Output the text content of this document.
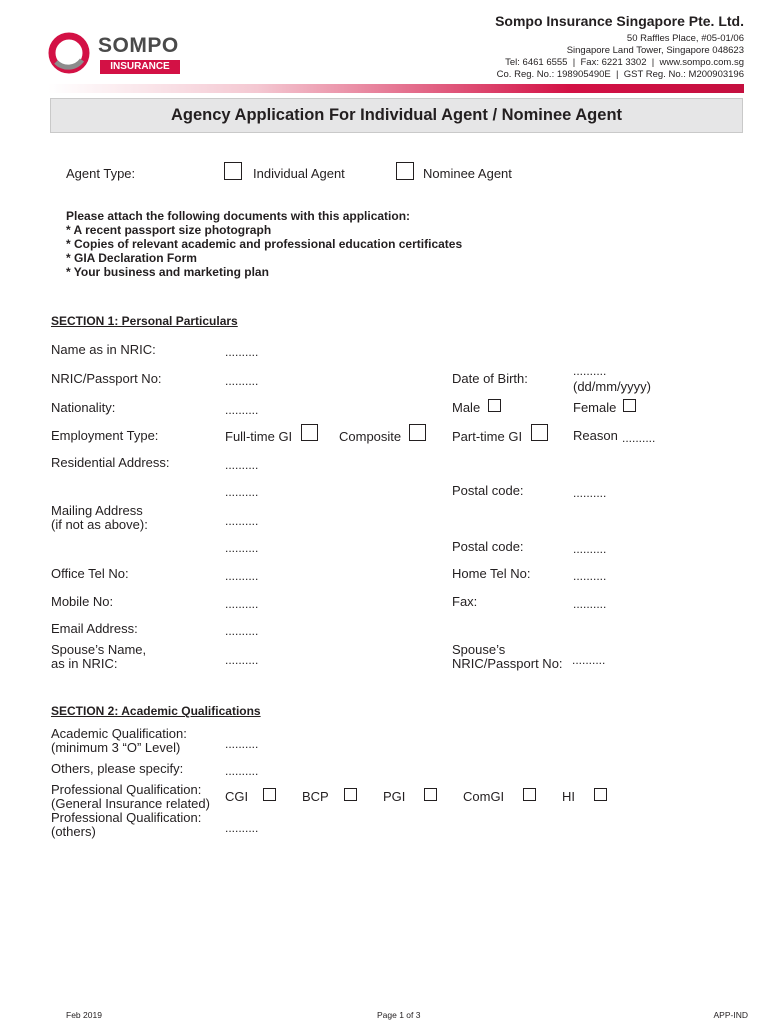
SOMPO
INSURANCE
Sompo Insurance Singapore Pte. Ltd.
50 Raffles Place, #05-01/06
Singapore Land Tower, Singapore 048623
Tel: 6461 6555  |  Fax: 6221 3302  |  www.sompo.com.sg
Co. Reg. No.: 198905490E  |  GST Reg. No.: M200903196
Agency Application For Individual Agent / Nominee Agent
Agent Type:	Individual Agent	Nominee Agent
Please attach the following documents with this application:
* A recent passport size photograph
* Copies of relevant academic and professional education certificates
* GIA Declaration Form
* Your business and marketing plan
SECTION 1: Personal Particulars
Name as in NRIC:	..........
NRIC/Passport No:	..........	Date of Birth:	..........
(dd/mm/yyyy)
Nationality:	..........	Male	Female
Employment Type:	Full-time GI	Composite	Part-time GI	Reason ..........
Residential Address:	..........
..........	Postal code:	..........
Mailing Address
(if not as above):	..........
..........	Postal code:	..........
Office Tel No:	..........	Home Tel No:	..........
Mobile No:	..........	Fax:	..........
Email Address:	..........
Spouse’s Name,
as in NRIC:	..........
Spouse’s
NRIC/Passport No: ..........
SECTION 2: Academic Qualifications
Academic Qualification:
(minimum 3 “O” Level)	..........
Others, please specify:	..........
Professional Qualification:
(General Insurance related) CGI	BCP	PGI	ComGI	HI
Professional Qualification:
(others)	..........
Feb 2019	Page 1 of 3	APP-IND
